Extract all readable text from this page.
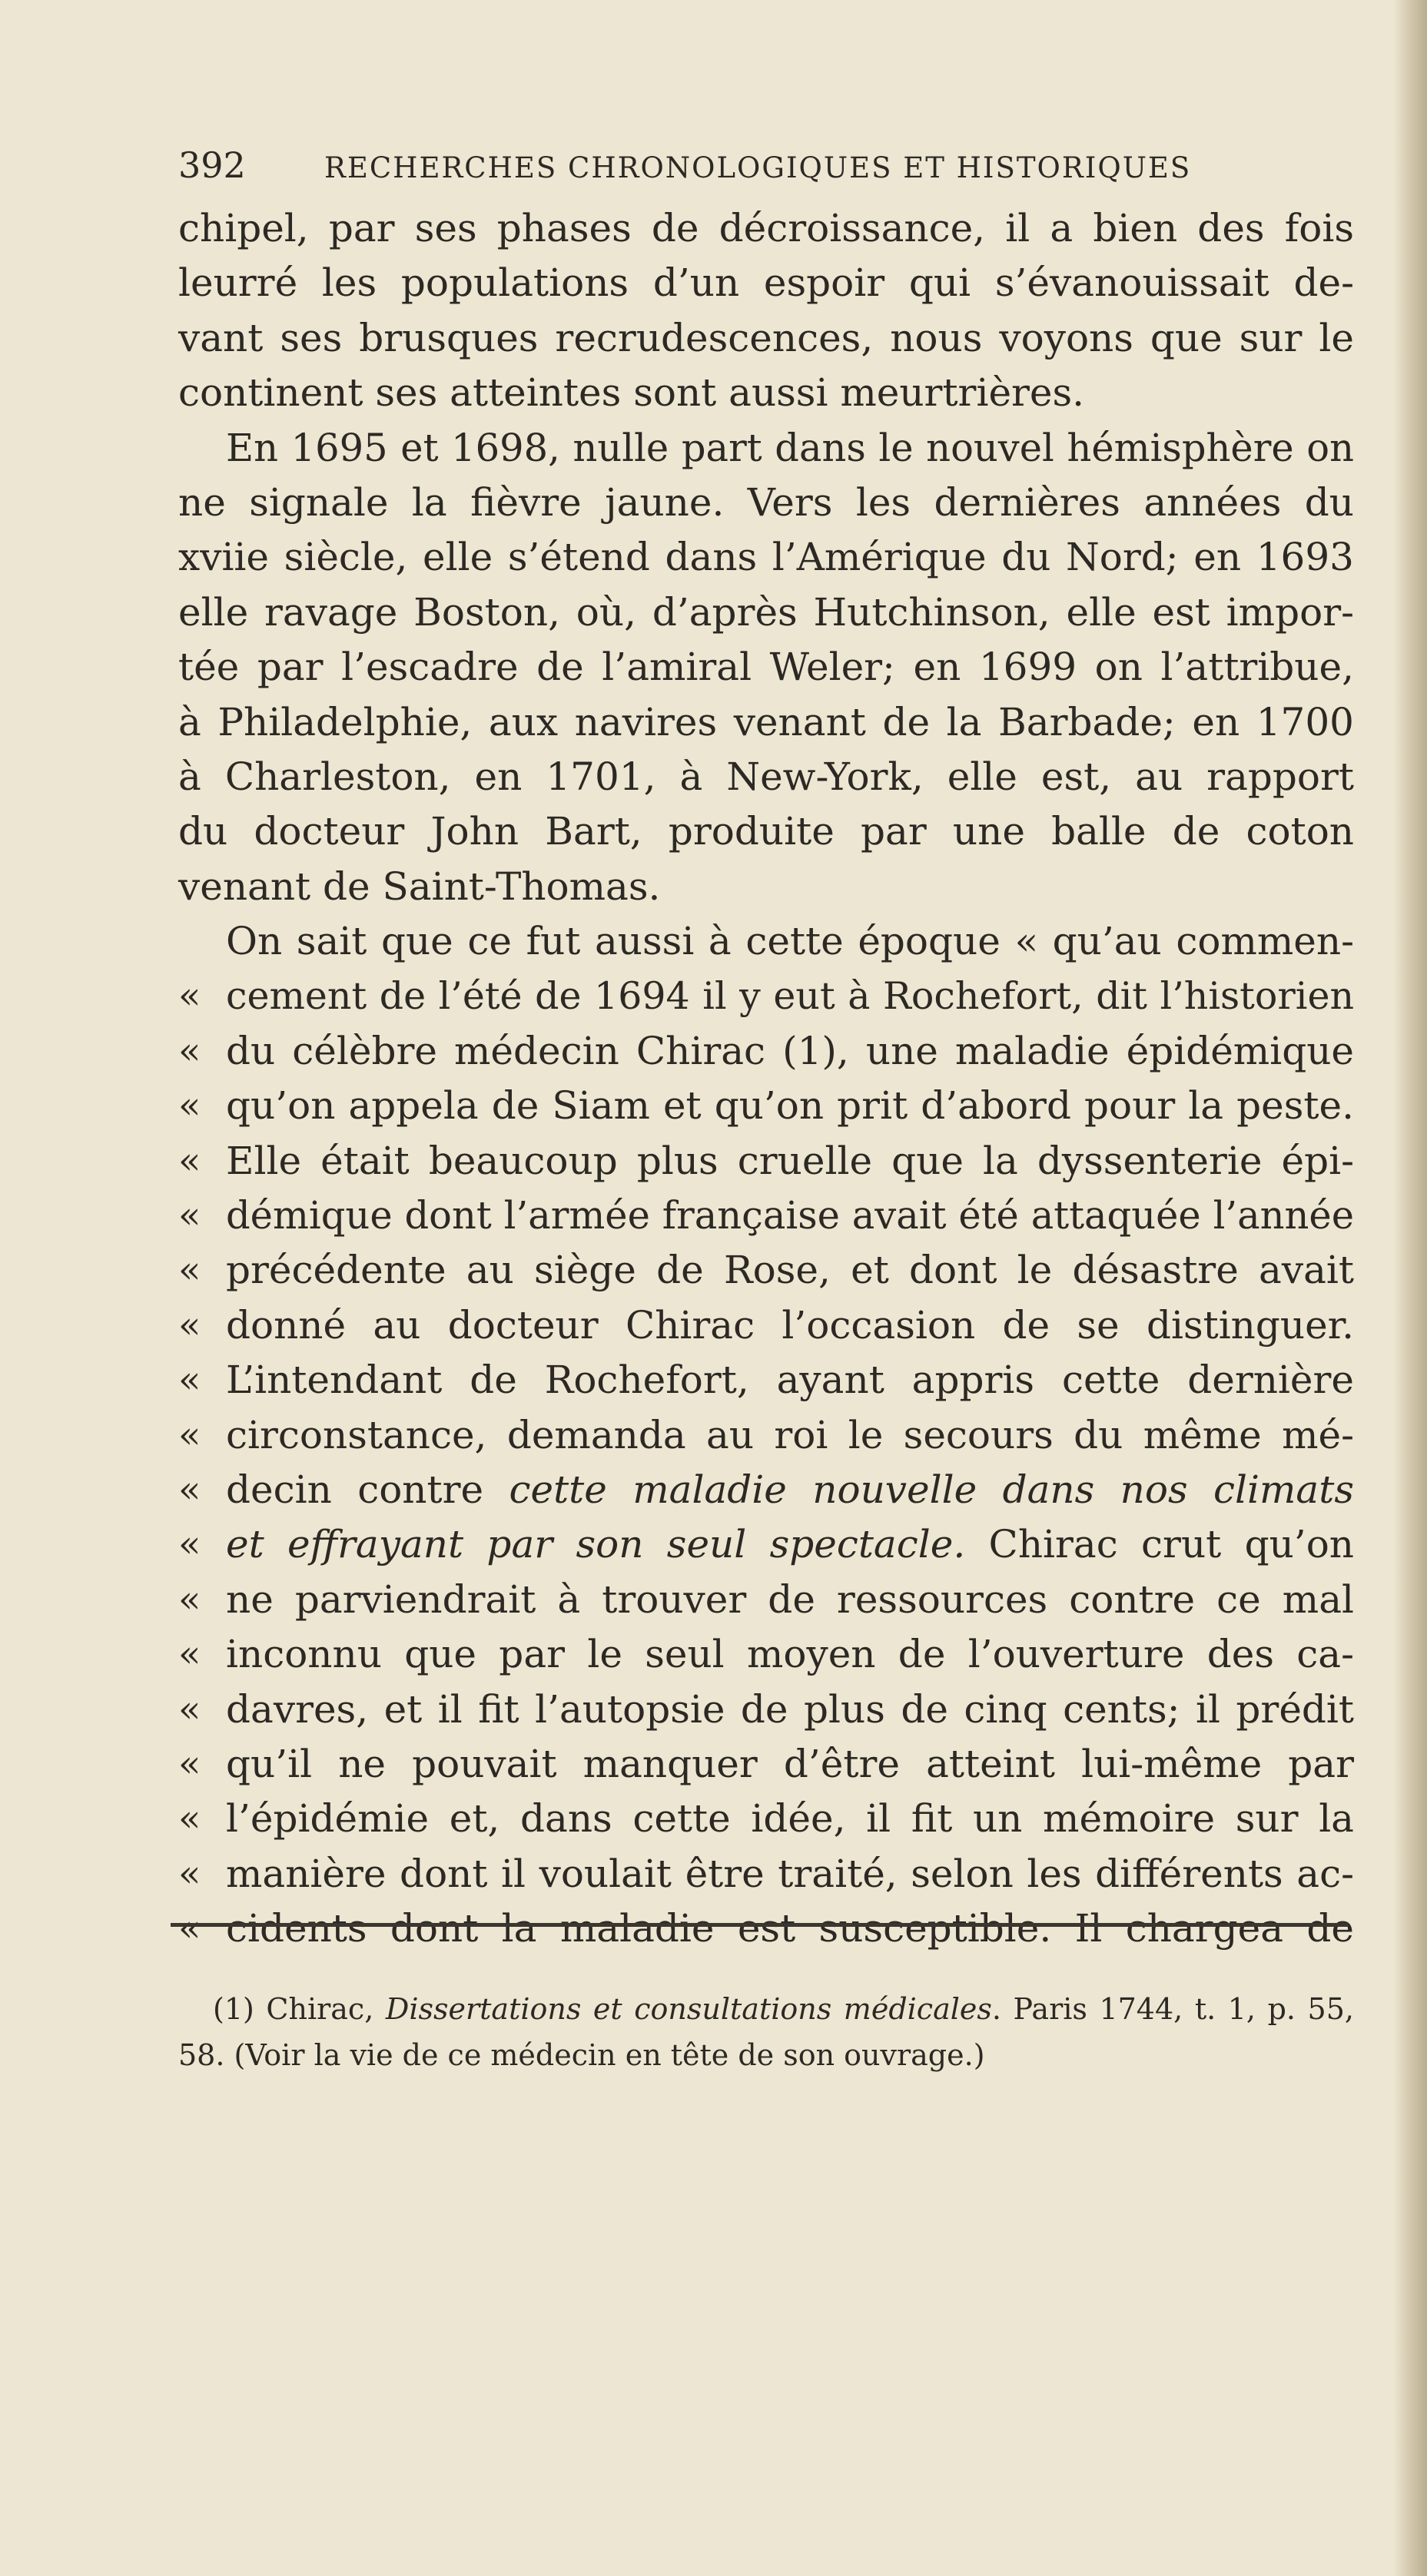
392	RECHERCHES CHRONOLOGIQUES ET HISTORIQUES
chipel, par ses phases de décroissance, il a bien des fois
leurré les populations d’un espoir qui s’évanouissait de-
vant ses brusques recrudescences, nous voyons que sur le
continent ses atteintes sont aussi meurtrières.
En 1695 et 1698, nulle part dans le nouvel hémisphère on
ne signale la fièvre jaune. Vers les dernières années du
xviie siècle, elle s’étend dans l’Amérique du Nord; en 1693
elle ravage Boston, où, d’après Hutchinson, elle est impor-
tée par l’escadre de l’amiral Weler; en 1699 on l’attribue,
à Philadelphie, aux navires venant de la Barbade; en 1700
à Charleston, en 1701, à New-York, elle est, au rapport
du docteur John Bart, produite par une balle de coton
venant de Saint-Thomas.
On sait que ce fut aussi à cette époque « qu’au commen-
« cement de l’été de 1694 il y eut à Rochefort, dit l’historien
« du célèbre médecin Chirac (1), une maladie épidémique
« qu’on appela de Siam et qu’on prit d’abord pour la peste.
« Elle était beaucoup plus cruelle que la dyssenterie épi-
« démique dont l’armée française avait été attaquée l’année
« précédente au siège de Rose, et dont le désastre avait
« donné au docteur Chirac l’occasion de se distinguer.
« L’intendant de Rochefort, ayant appris cette dernière
« circonstance, demanda au roi le secours du même mé-
« decin contre cette maladie nouvelle dans nos climats
« et effrayant par son seul spectacle. Chirac crut qu’on
« ne parviendrait à trouver de ressources contre ce mal
« inconnu que par le seul moyen de l’ouverture des ca-
« davres, et il fit l’autopsie de plus de cinq cents; il prédit
« qu’il ne pouvait manquer d’être atteint lui-même par
« l’épidémie et, dans cette idée, il fit un mémoire sur la
« manière dont il voulait être traité, selon les différents ac-
« cidents dont la maladie est susceptible. Il chargea de
(1) Chirac, Dissertations et consultations médicales. Paris 1744, t. 1, p. 55,
58. (Voir la vie de ce médecin en tête de son ouvrage.)
